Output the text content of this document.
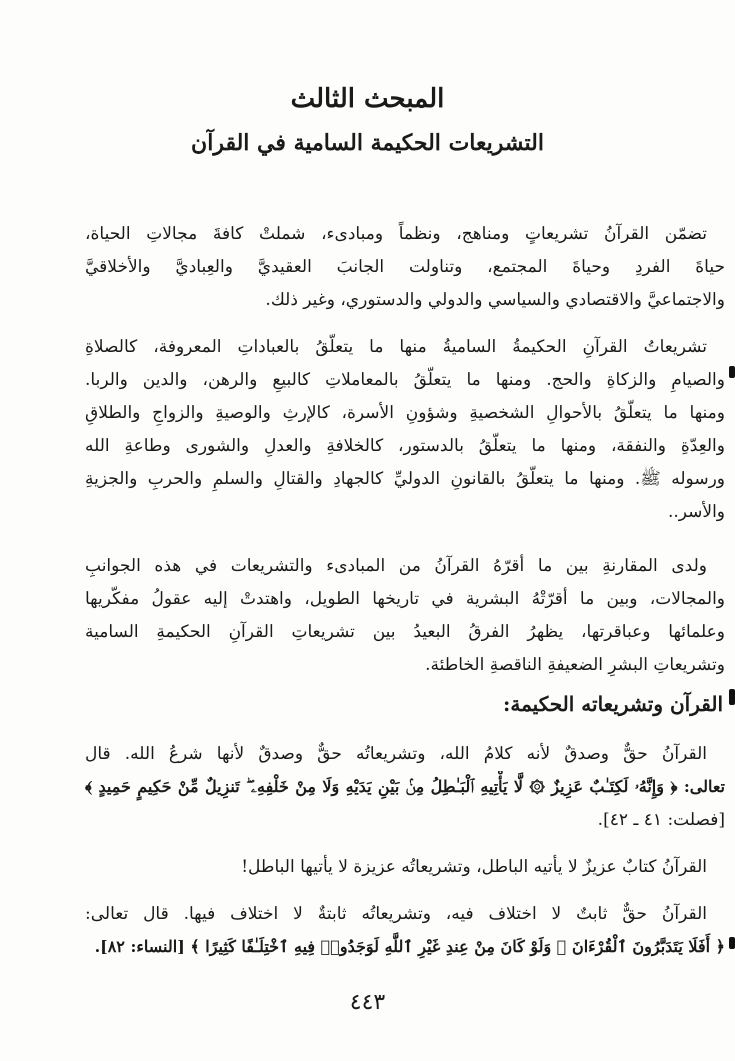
المبحث الثالث
التشريعات الحكيمة السامية في القرآن
تضمّن القرآنُ تشريعاتٍ ومناهج، ونظماً ومبادىء، شملتْ كافةَ مجالاتِ الحياة،
حياةَ الفردِ وحياةَ المجتمع، وتناولت الجانبَ العقيديَّ والعِباديَّ والأخلاقيَّ
والاجتماعيَّ والاقتصادي والسياسي والدولي والدستوري، وغير ذلك.
تشريعاتُ القرآنِ الحكيمةُ الساميةُ منها ما يتعلّقُ بالعباداتِ المعروفة، كالصلاةِ
والصيامِ والزكاةِ والحج. ومنها ما يتعلّقُ بالمعاملاتِ كالبيعِ والرهن، والدين والربا.
ومنها ما يتعلّقُ بالأحوالِ الشخصيةِ وشؤونِ الأسرة، كالإرثِ والوصيةِ والزواجِ والطلاقِ
والعِدّةِ والنفقة، ومنها ما يتعلّقُ بالدستور، كالخلافةِ والعدلِ والشورى وطاعةِ الله
ورسوله ﷺ. ومنها ما يتعلّقُ بالقانونِ الدوليِّ كالجهادِ والقتالِ والسلمِ والحربِ والجزيةِ
والأسر..
ولدى المقارنةِ بين ما أقرّهُ القرآنُ من المبادىء والتشريعات في هذه الجوانبِ
والمجالات، وبين ما أقرّتْهُ البشرية في تاريخها الطويل، واهتدتْ إليه عقولُ مفكّريها
وعلمائها وعباقرتها، يظهرُ الفرقُ البعيدُ بين تشريعاتِ القرآنِ الحكيمةِ السامية
وتشريعاتِ البشرِ الضعيفةِ الناقصةِ الخاطئة.
القرآن وتشريعاته الحكيمة:
القرآنُ حقٌّ وصدقٌ لأنه كلامُ الله، وتشريعاتُه حقٌّ وصدقٌ لأنها شرعُ الله. قال
تعالى: ﴿ وَإِنَّهُۥ لَكِتَـٰبٌ عَزِيزٌ ۞ لَّا يَأْتِيهِ ٱلْبَـٰطِلُ مِنۢ بَيْنِ يَدَيْهِ وَلَا مِنْ خَلْفِهِۦ ۖ تَنزِيلٌ مِّنْ حَكِيمٍ حَمِيدٍ ﴾
[فصلت: ٤١ ـ ٤٢].
القرآنُ كتابٌ عزيزٌ لا يأتيه الباطل، وتشريعاتُه عزيزة لا يأتيها الباطل!
القرآنُ حقٌّ ثابتٌ لا اختلاف فيه، وتشريعاتُه ثابتةٌ لا اختلاف فيها. قال تعالى:
﴿ أَفَلَا يَتَدَبَّرُونَ ٱلْقُرْءَانَ ۚ وَلَوْ كَانَ مِنْ عِندِ غَيْرِ ٱللَّهِ لَوَجَدُوا۟ فِيهِ ٱخْتِلَـٰفًا كَثِيرًا ﴾ [النساء: ٨٢].
٤٤٣
